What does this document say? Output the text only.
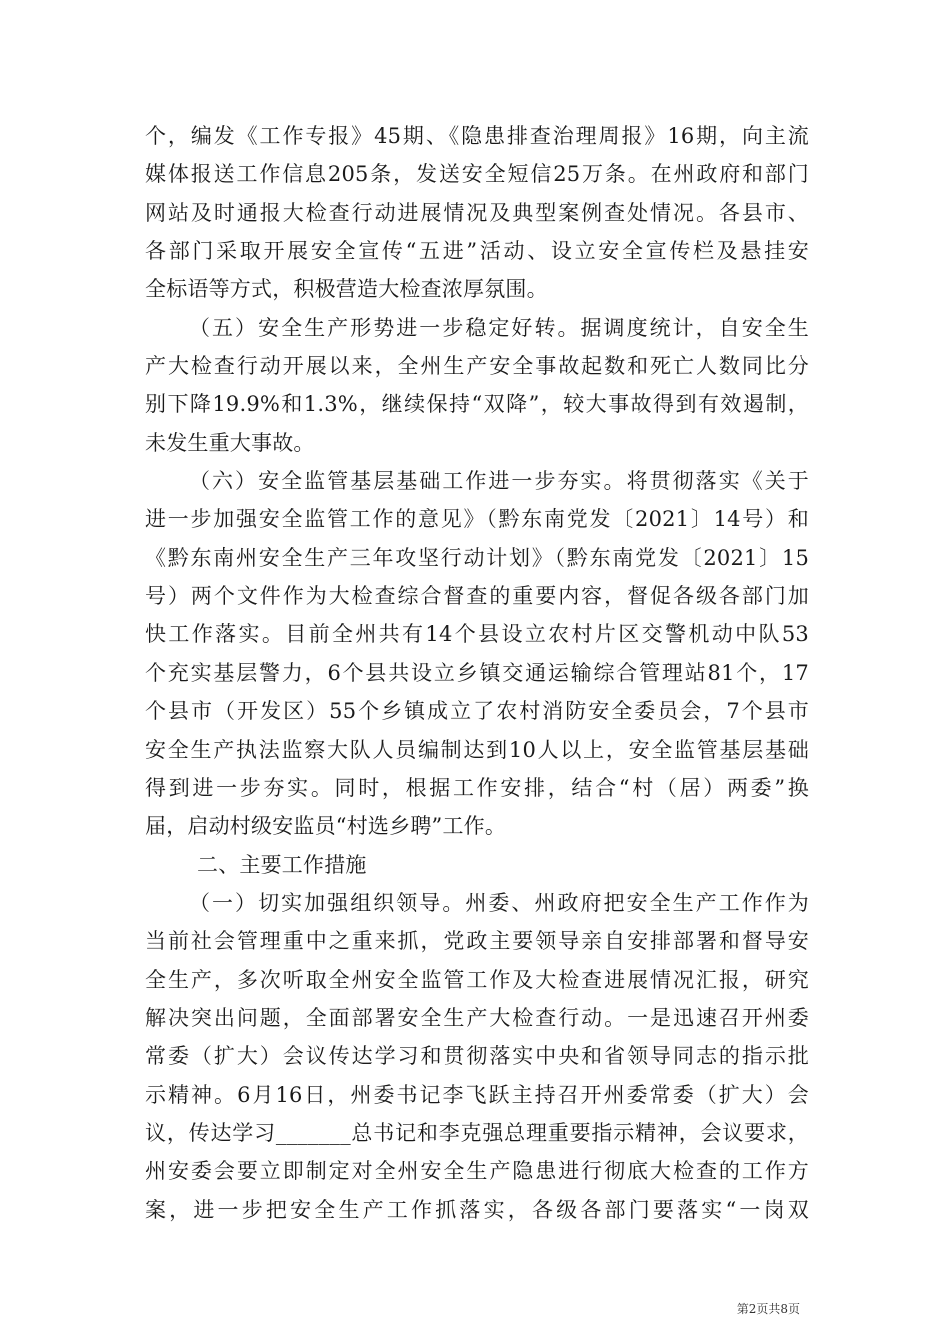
个，编发《工作专报》45期、《隐患排查治理周报》16期，向主流
媒体报送工作信息205条，发送安全短信25万条。在州政府和部门
网站及时通报大检查行动进展情况及典型案例查处情况。各县市、
各部门采取开展安全宣传“五进”活动、设立安全宣传栏及悬挂安
全标语等方式，积极营造大检查浓厚氛围。
（五）安全生产形势进一步稳定好转。据调度统计，自安全生
产大检查行动开展以来，全州生产安全事故起数和死亡人数同比分
别下降19.9%和1.3%，继续保持“双降”，较大事故得到有效遏制，
未发生重大事故。
（六）安全监管基层基础工作进一步夯实。将贯彻落实《关于
进一步加强安全监管工作的意见》（黔东南党发〔2021〕14号）和
《黔东南州安全生产三年攻坚行动计划》（黔东南党发〔2021〕15
号）两个文件作为大检查综合督查的重要内容，督促各级各部门加
快工作落实。目前全州共有14个县设立农村片区交警机动中队53
个充实基层警力，6个县共设立乡镇交通运输综合管理站81个，17
个县市（开发区）55个乡镇成立了农村消防安全委员会，7个县市
安全生产执法监察大队人员编制达到10人以上，安全监管基层基础
得到进一步夯实。同时，根据工作安排，结合“村（居）两委”换
届，启动村级安监员“村选乡聘”工作。
二、主要工作措施
（一）切实加强组织领导。州委、州政府把安全生产工作作为
当前社会管理重中之重来抓，党政主要领导亲自安排部署和督导安
全生产，多次听取全州安全监管工作及大检查进展情况汇报，研究
解决突出问题，全面部署安全生产大检查行动。一是迅速召开州委
常委（扩大）会议传达学习和贯彻落实中央和省领导同志的指示批
示精神。6月16日，州委书记李飞跃主持召开州委常委（扩大）会
议，传达学习_______总书记和李克强总理重要指示精神，会议要求，
州安委会要立即制定对全州安全生产隐患进行彻底大检查的工作方
案，进一步把安全生产工作抓落实，各级各部门要落实“一岗双
第2页共8页
